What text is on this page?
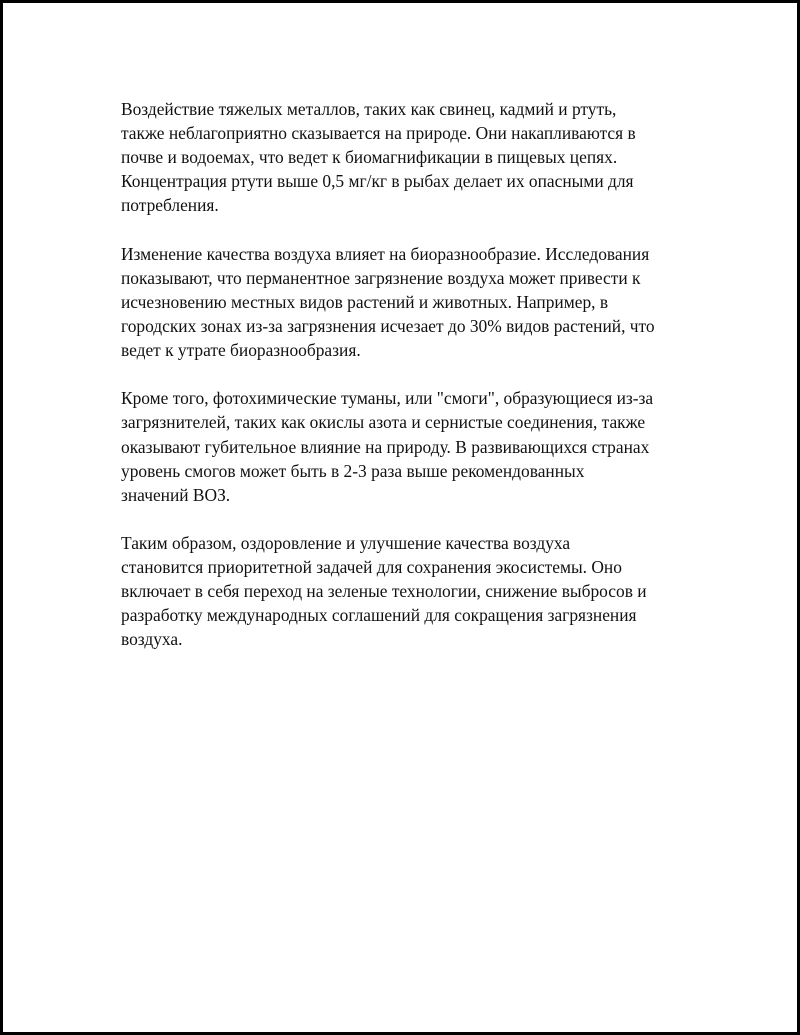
Воздействие тяжелых металлов, таких как свинец, кадмий и ртуть,
также неблагоприятно сказывается на природе. Они накапливаются в
почве и водоемах, что ведет к биомагнификации в пищевых цепях.
Концентрация ртути выше 0,5 мг/кг в рыбах делает их опасными для
потребления.

Изменение качества воздуха влияет на биоразнообразие. Исследования
показывают, что перманентное загрязнение воздуха может привести к
исчезновению местных видов растений и животных. Например, в
городских зонах из-за загрязнения исчезает до 30% видов растений, что
ведет к утрате биоразнообразия.

Кроме того, фотохимические туманы, или "смоги", образующиеся из-за
загрязнителей, таких как окислы азота и сернистые соединения, также
оказывают губительное влияние на природу. В развивающихся странах
уровень смогов может быть в 2-3 раза выше рекомендованных
значений ВОЗ.

Таким образом, оздоровление и улучшение качества воздуха
становится приоритетной задачей для сохранения экосистемы. Оно
включает в себя переход на зеленые технологии, снижение выбросов и
разработку международных соглашений для сокращения загрязнения
воздуха.
